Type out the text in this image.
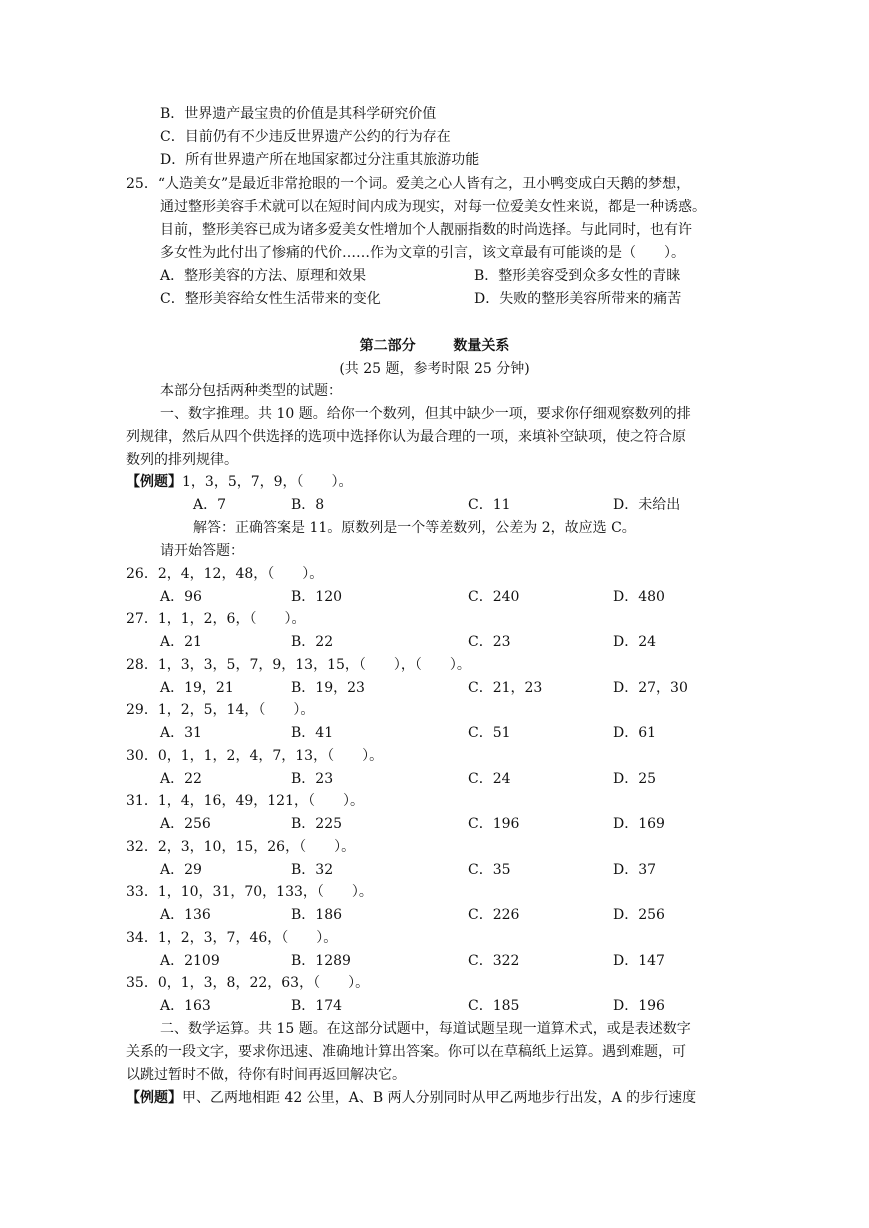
B．世界遗产最宝贵的价值是其科学研究价值
C．目前仍有不少违反世界遗产公约的行为存在
D．所有世界遗产所在地国家都过分注重其旅游功能
25．“人造美女”是最近非常抢眼的一个词。爱美之心人皆有之，丑小鸭变成白天鹅的梦想，
通过整形美容手术就可以在短时间内成为现实，对每一位爱美女性来说，都是一种诱惑。
目前，整形美容已成为诸多爱美女性增加个人靓丽指数的时尚选择。与此同时，也有许
多女性为此付出了惨痛的代价……作为文章的引言，该文章最有可能谈的是（　　）。
A．整形美容的方法、原理和效果	B．整形美容受到众多女性的青睐
C．整形美容给女性生活带来的变化	D．失败的整形美容所带来的痛苦
第二部分	数量关系
(共 25 题，参考时限 25 分钟)
本部分包括两种类型的试题：
一、数字推理。共 10 题。给你一个数列，但其中缺少一项，要求你仔细观察数列的排
列规律，然后从四个供选择的选项中选择你认为最合理的一项，来填补空缺项，使之符合原
数列的排列规律。
【例题】1，3，5，7，9，（　　）。
A．7	B．8	C．11	D．未给出
解答：正确答案是 11。原数列是一个等差数列，公差为 2，故应选 C。
请开始答题：
26．2，4，12，48，（　　）。
A．96	B．120	C．240	D．480
27．1，1，2，6，（　　）。
A．21	B．22	C．23	D．24
28．1，3，3，5，7，9，13，15，（　　），（　　）。
A．19，21	B．19，23	C．21，23	D．27，30
29．1，2，5，14，（　　）。
A．31	B．41	C．51	D．61
30．0，1，1，2，4，7，13，（　　）。
A．22	B．23	C．24	D．25
31．1，4，16，49，121，（　　）。
A．256	B．225	C．196	D．169
32．2，3，10，15，26，（　　）。
A．29	B．32	C．35	D．37
33．1，10，31，70，133，（　　）。
A．136	B．186	C．226	D．256
34．1，2，3，7，46，（　　）。
A．2109	B．1289	C．322	D．147
35．0，1，3，8，22，63，（　　）。
A．163	B．174	C．185	D．196
二、数学运算。共 15 题。在这部分试题中，每道试题呈现一道算术式，或是表述数字
关系的一段文字，要求你迅速、准确地计算出答案。你可以在草稿纸上运算。遇到难题，可
以跳过暂时不做，待你有时间再返回解决它。
【例题】甲、乙两地相距 42 公里，A、B 两人分别同时从甲乙两地步行出发，A 的步行速度
